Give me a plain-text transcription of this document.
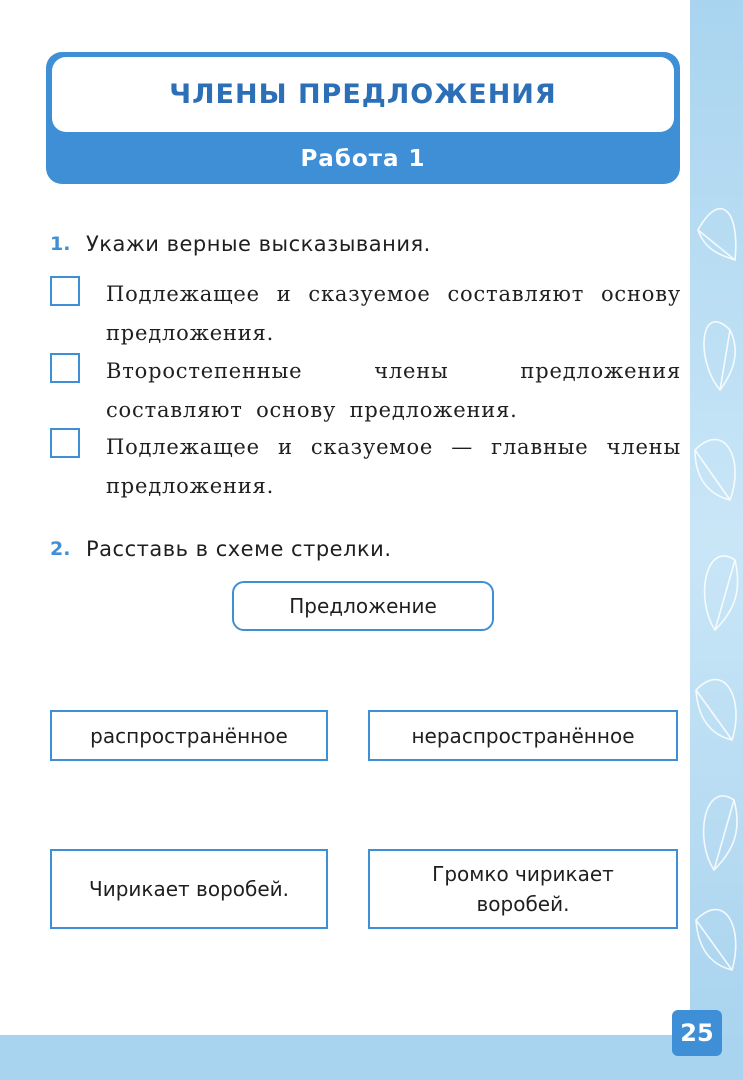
ЧЛЕНЫ ПРЕДЛОЖЕНИЯ
Работа 1
1. Укажи верные высказывания.
Подлежащее и сказуемое составляют основу предложения.
Второстепенные члены предложения составляют основу предложения.
Подлежащее и сказуемое — главные члены предложения.
2. Расставь в схеме стрелки.
Предложение
распространённое	нераспространённое
Чирикает воробей.
Громко чирикает воробей.
25
